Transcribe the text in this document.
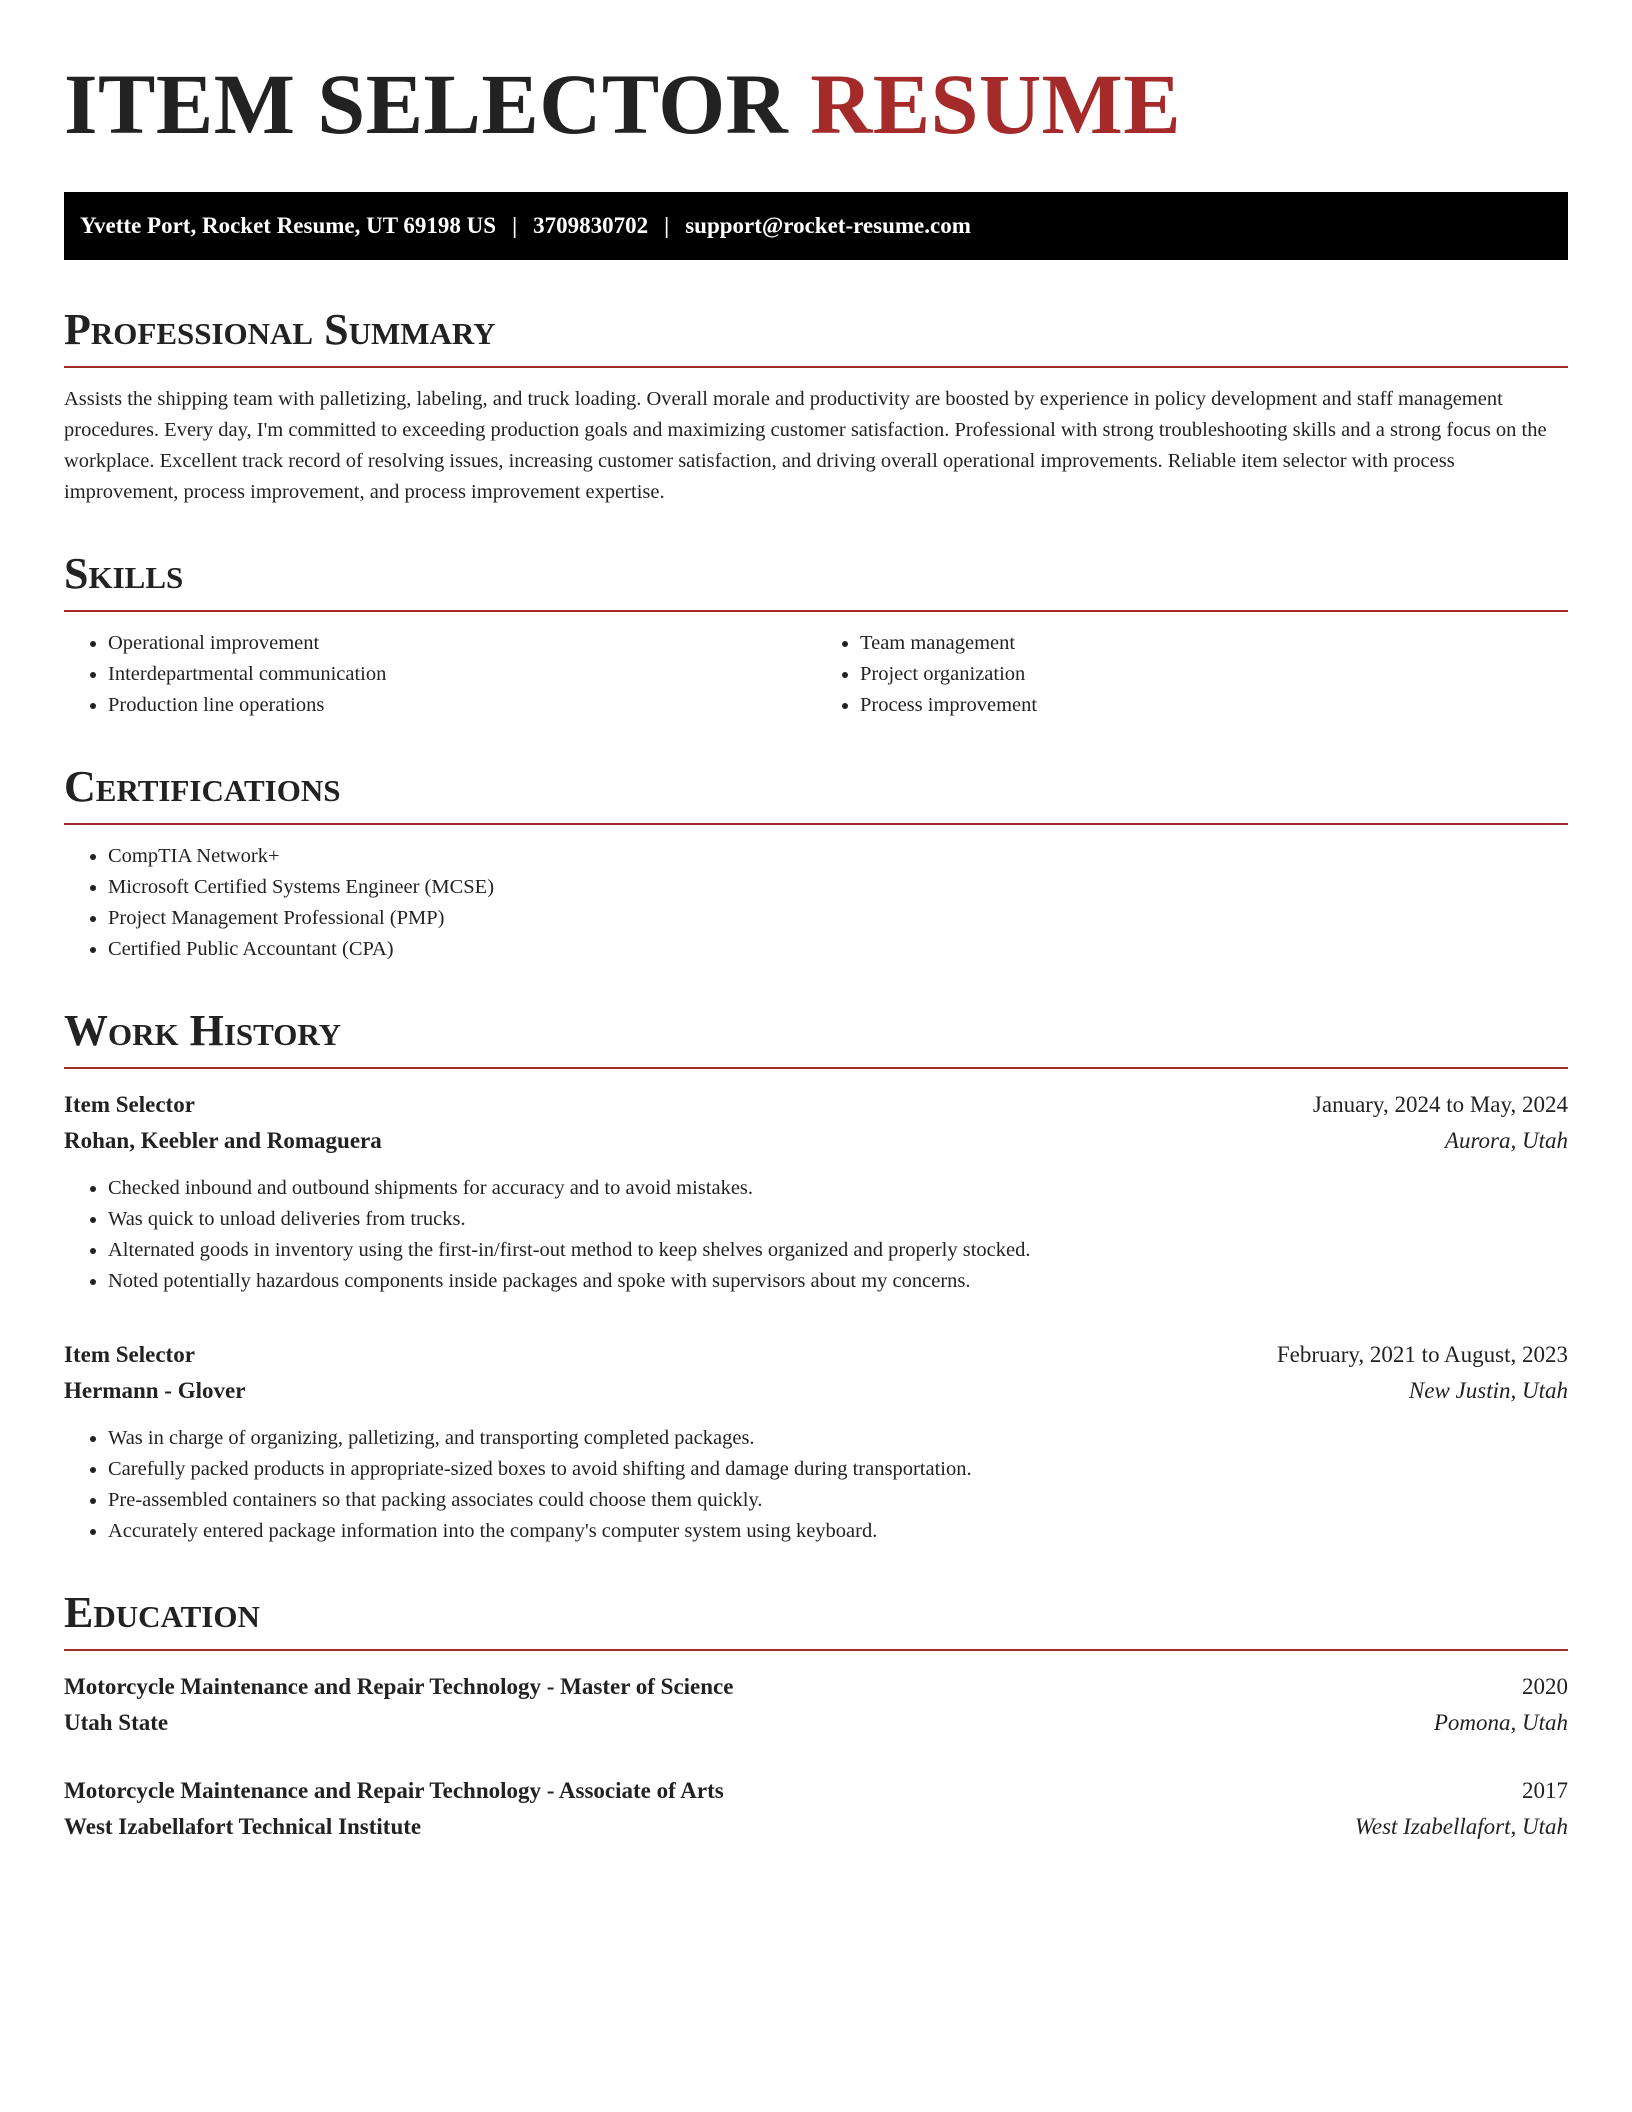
ITEM SELECTOR RESUME
Yvette Port, Rocket Resume, UT 69198 US | 3709830702 | support@rocket-resume.com
Professional Summary

Assists the shipping team with palletizing, labeling, and truck loading. Overall morale and productivity are boosted by experience in policy development and staff management procedures. Every day, I'm committed to exceeding production goals and maximizing customer satisfaction. Professional with strong troubleshooting skills and a strong focus on the workplace. Excellent track record of resolving issues, increasing customer satisfaction, and driving overall operational improvements. Reliable item selector with process improvement, process improvement, and process improvement expertise.

Skills
• Operational improvement
• Interdepartmental communication
• Production line operations
• Team management
• Project organization
• Process improvement
Certifications
• CompTIA Network+
• Microsoft Certified Systems Engineer (MCSE)
• Project Management Professional (PMP)
• Certified Public Accountant (CPA)
Work History
Item Selector	January, 2024 to May, 2024
Rohan, Keebler and Romaguera	Aurora, Utah
• Checked inbound and outbound shipments for accuracy and to avoid mistakes.
• Was quick to unload deliveries from trucks.
• Alternated goods in inventory using the first-in/first-out method to keep shelves organized and properly stocked.
• Noted potentially hazardous components inside packages and spoke with supervisors about my concerns.
Item Selector	February, 2021 to August, 2023
Hermann - Glover	New Justin, Utah
• Was in charge of organizing, palletizing, and transporting completed packages.
• Carefully packed products in appropriate-sized boxes to avoid shifting and damage during transportation.
• Pre-assembled containers so that packing associates could choose them quickly.
• Accurately entered package information into the company's computer system using keyboard.
Education
Motorcycle Maintenance and Repair Technology - Master of Science	2020
Utah State	Pomona, Utah
Motorcycle Maintenance and Repair Technology - Associate of Arts	2017
West Izabellafort Technical Institute	West Izabellafort, Utah
